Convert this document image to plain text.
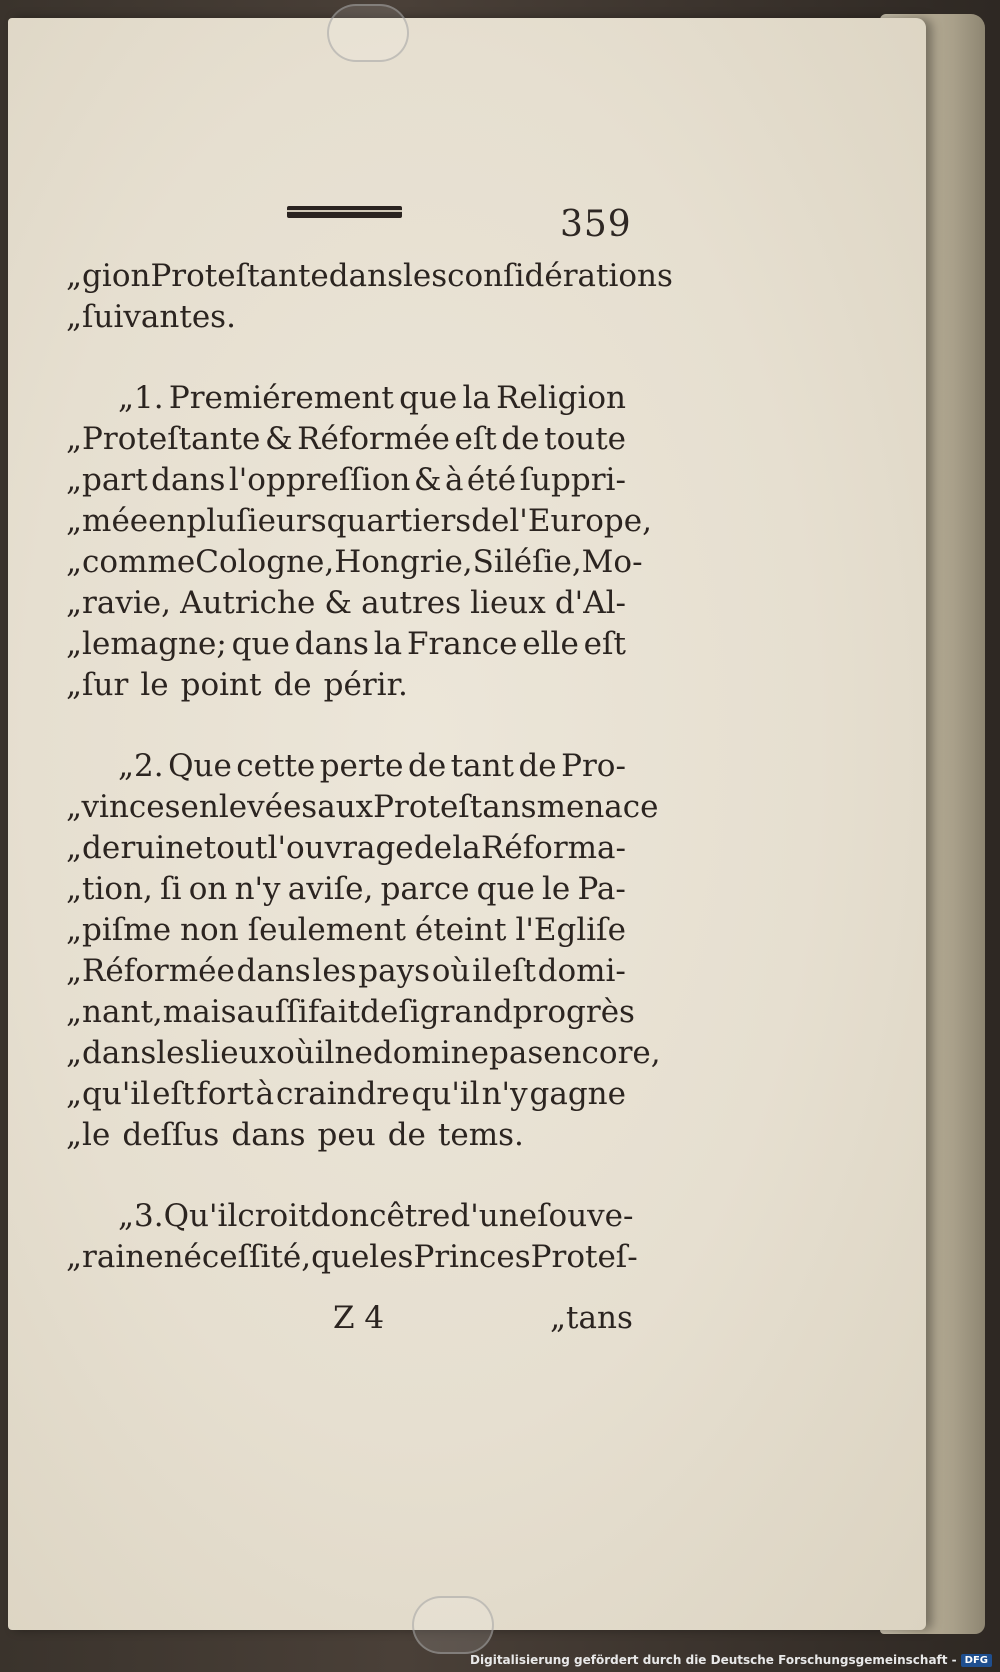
359
„gion Proteſtante dans les conſidérations
„ſuivantes.
„1. Premiérement que la Religion
„Proteſtante & Réformée eſt de toute
„part dans l'oppreſſion & à été ſuppri-
„mée en pluſieurs quartiers de l'Europe,
„comme Cologne, Hongrie, Siléſie, Mo-
„ravie, Autriche & autres lieux d'Al-
„lemagne; que dans la France elle eſt
„ſur le point de périr.
„2. Que cette perte de tant de Pro-
„vinces enlevées aux Proteſtans menace
„de ruine tout l'ouvrage de la Réforma-
„tion, ſi on n'y aviſe, parce que le Pa-
„piſme non ſeulement éteint l'Egliſe
„Réformée dans les pays où il eſt domi-
„nant, mais auſſi fait de ſi grand progrès
„dans les lieux où il ne domine pas encore,
„qu'il eſt fort à craindre qu'il n'y gagne
„le deſſus dans peu de tems.
„3. Qu'il croit donc être d'une ſouve-
„raine néceſſité, que les Princes Proteſ-
Z 4	„tans
Digitalisierung gefördert durch die Deutsche Forschungsgemeinschaft - DFG
